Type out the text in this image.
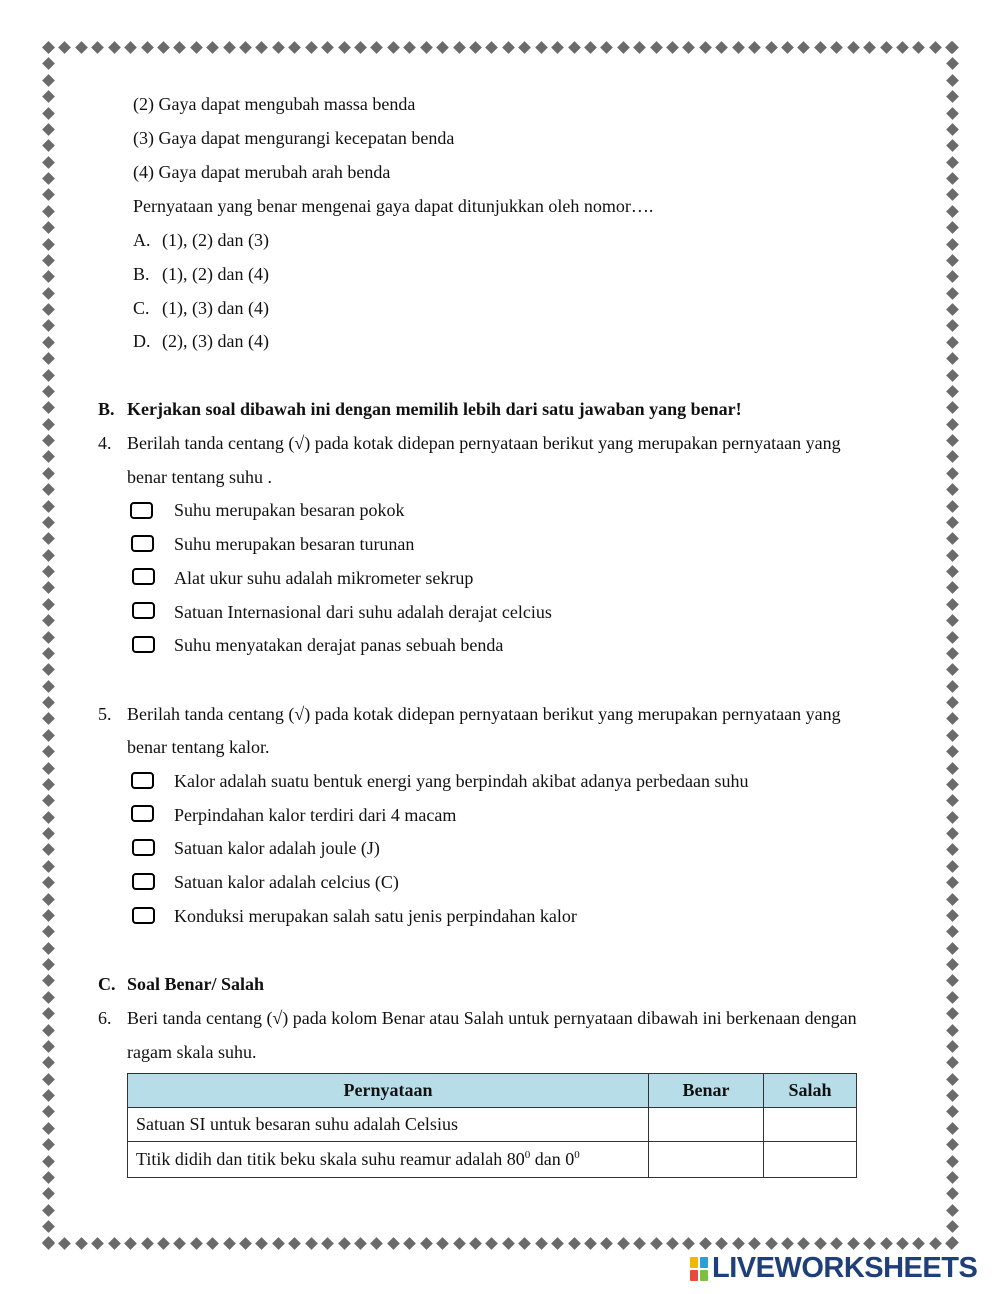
(2) Gaya dapat mengubah massa benda
(3) Gaya dapat mengurangi kecepatan benda
(4) Gaya dapat merubah arah benda
Pernyataan yang benar mengenai gaya dapat ditunjukkan oleh nomor….
A. (1), (2) dan (3)
B. (1), (2) dan (4)
C. (1), (3) dan (4)
D. (2), (3) dan (4)
B. Kerjakan soal dibawah ini dengan memilih lebih dari satu jawaban yang benar!
4. Berilah tanda centang (√) pada kotak didepan pernyataan berikut yang merupakan pernyataan yang
benar tentang suhu .
Suhu merupakan besaran pokok
Suhu merupakan besaran turunan
Alat ukur suhu adalah mikrometer sekrup
Satuan Internasional dari suhu adalah derajat celcius
Suhu menyatakan derajat panas sebuah benda
5. Berilah tanda centang (√) pada kotak didepan pernyataan berikut yang merupakan pernyataan yang
benar tentang kalor.
Kalor adalah suatu bentuk energi yang berpindah akibat adanya perbedaan suhu
Perpindahan kalor terdiri dari 4 macam
Satuan kalor adalah joule (J)
Satuan kalor adalah celcius (C)
Konduksi merupakan salah satu jenis perpindahan kalor
C. Soal Benar/ Salah
6. Beri tanda centang (√) pada kolom Benar atau Salah untuk pernyataan dibawah ini berkenaan dengan
ragam skala suhu.
Pernyataan	Benar	Salah
Satuan SI untuk besaran suhu adalah Celsius		
Titik didih dan titik beku skala suhu reamur adalah $80^0$ dan $0^0$		
LIVEWORKSHEETS
